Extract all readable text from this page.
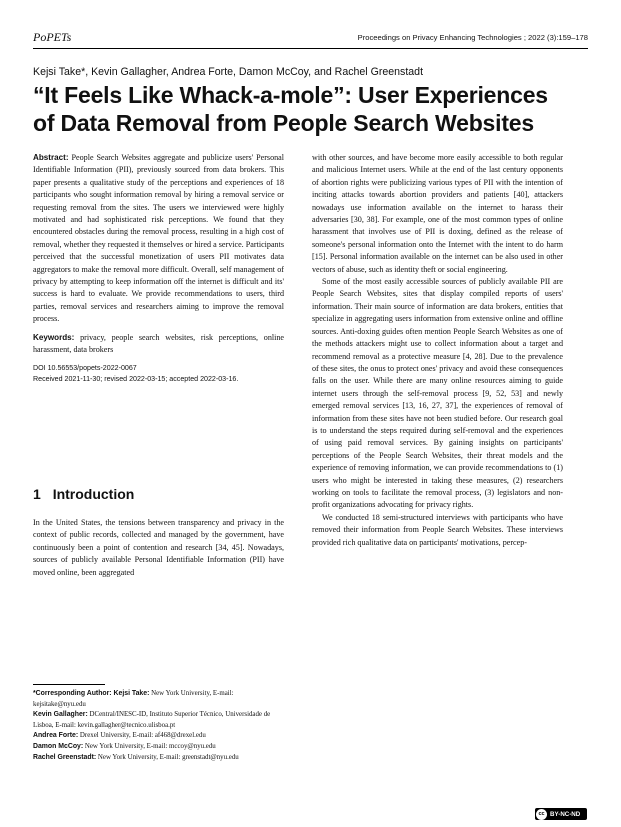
PoPETs	Proceedings on Privacy Enhancing Technologies ; 2022 (3):159–178
Kejsi Take*, Kevin Gallagher, Andrea Forte, Damon McCoy, and Rachel Greenstadt
“It Feels Like Whack-a-mole”: User Experiences
of Data Removal from People Search Websites

Abstract: People Search Websites aggregate and publicize users' Personal Identifiable Information (PII), previously sourced from data brokers. This paper presents a qualitative study of the perceptions and experiences of 18 participants who sought information removal by hiring a removal service or requesting removal from the sites. The users we interviewed were highly motivated and had sophisticated risk perceptions. We found that they encountered obstacles during the removal process, resulting in a high cost of removal, whether they requested it themselves or hired a service. Participants perceived that the successful monetization of users PII motivates data aggregators to make the removal more difficult. Overall, self management of privacy by attempting to keep information off the internet is difficult and its' success is hard to evaluate. We provide recommendations to users, third parties, removal services and researchers aiming to improve the removal process.

Keywords: privacy, people search websites, risk perceptions, online harassment, data brokers

DOI 10.56553/popets-2022-0067

Received 2021-11-30; revised 2022-03-15; accepted 2022-03-16.

1 Introduction
In the United States, the tensions between transparency and privacy in the context of public records, collected and managed by the government, have continuously been a point of contention and research [34, 45]. Nowadays, sources of publicly available Personal Identifiable Information (PII) have moved online, been aggregated

*Corresponding Author: Kejsi Take: New York University, E-mail: kejsitake@nyu.edu

Kevin Gallagher: DCentral/INESC-ID, Instituto Superior Técnico, Universidade de Lisboa, E-mail: kevin.gallagher@tecnico.ulisboa.pt

Andrea Forte: Drexel University, E-mail: af468@drexel.edu

Damon McCoy: New York University, E-mail: mccoy@nyu.edu

Rachel Greenstadt: New York University, E-mail: greenstadt@nyu.edu

with other sources, and have become more easily accessible to both regular and malicious Internet users. While at the end of the last century opponents of abortion rights were publicizing various types of PII with the intention of inciting attacks towards abortion providers and patients [40], attackers nowadays use information available on the internet to harass their adversaries [30, 38]. For example, one of the most common types of online harassment that involves use of PII is doxing, defined as the release of someone's personal information onto the Internet with the intent to do harm [15]. Personal information available on the internet can be also used in other vectors of abuse, such as identity theft or social engineering.

Some of the most easily accessible sources of publicly available PII are People Search Websites, sites that display compiled reports of users' information. Their main source of information are data brokers, entities that specialize in aggregating users information from extensive online and offline sources. Anti-doxing guides often mention People Search Websites as one of the methods attackers might use to collect information about a target and recommend removal as a protective measure [4, 28]. Due to the prevalence of these sites, the onus to protect ones' privacy and avoid these consequences falls on the user. While there are many online resources aiming to guide internet users through the self-removal process [9, 52, 53] and newly emerged removal services [13, 16, 27, 37], the experiences of removal of information from these sites have not been studied before. Our research goal is to understand the steps required during self-removal and the experiences of using paid removal services. By gaining insights on participants' perceptions of the People Search Websites, their threat models and the experience of removing information, we can provide recommendations to (1) users who might be interested in taking these measures, (2) researchers working on tools to facilitate the removal process, (3) legislators and non-profit organizations advocating for privacy rights.

We conducted 18 semi-structured interviews with participants who have removed their information from People Search Websites. These interviews provided rich qualitative data on participants' motivations, percep-

cc BY-NC-ND
